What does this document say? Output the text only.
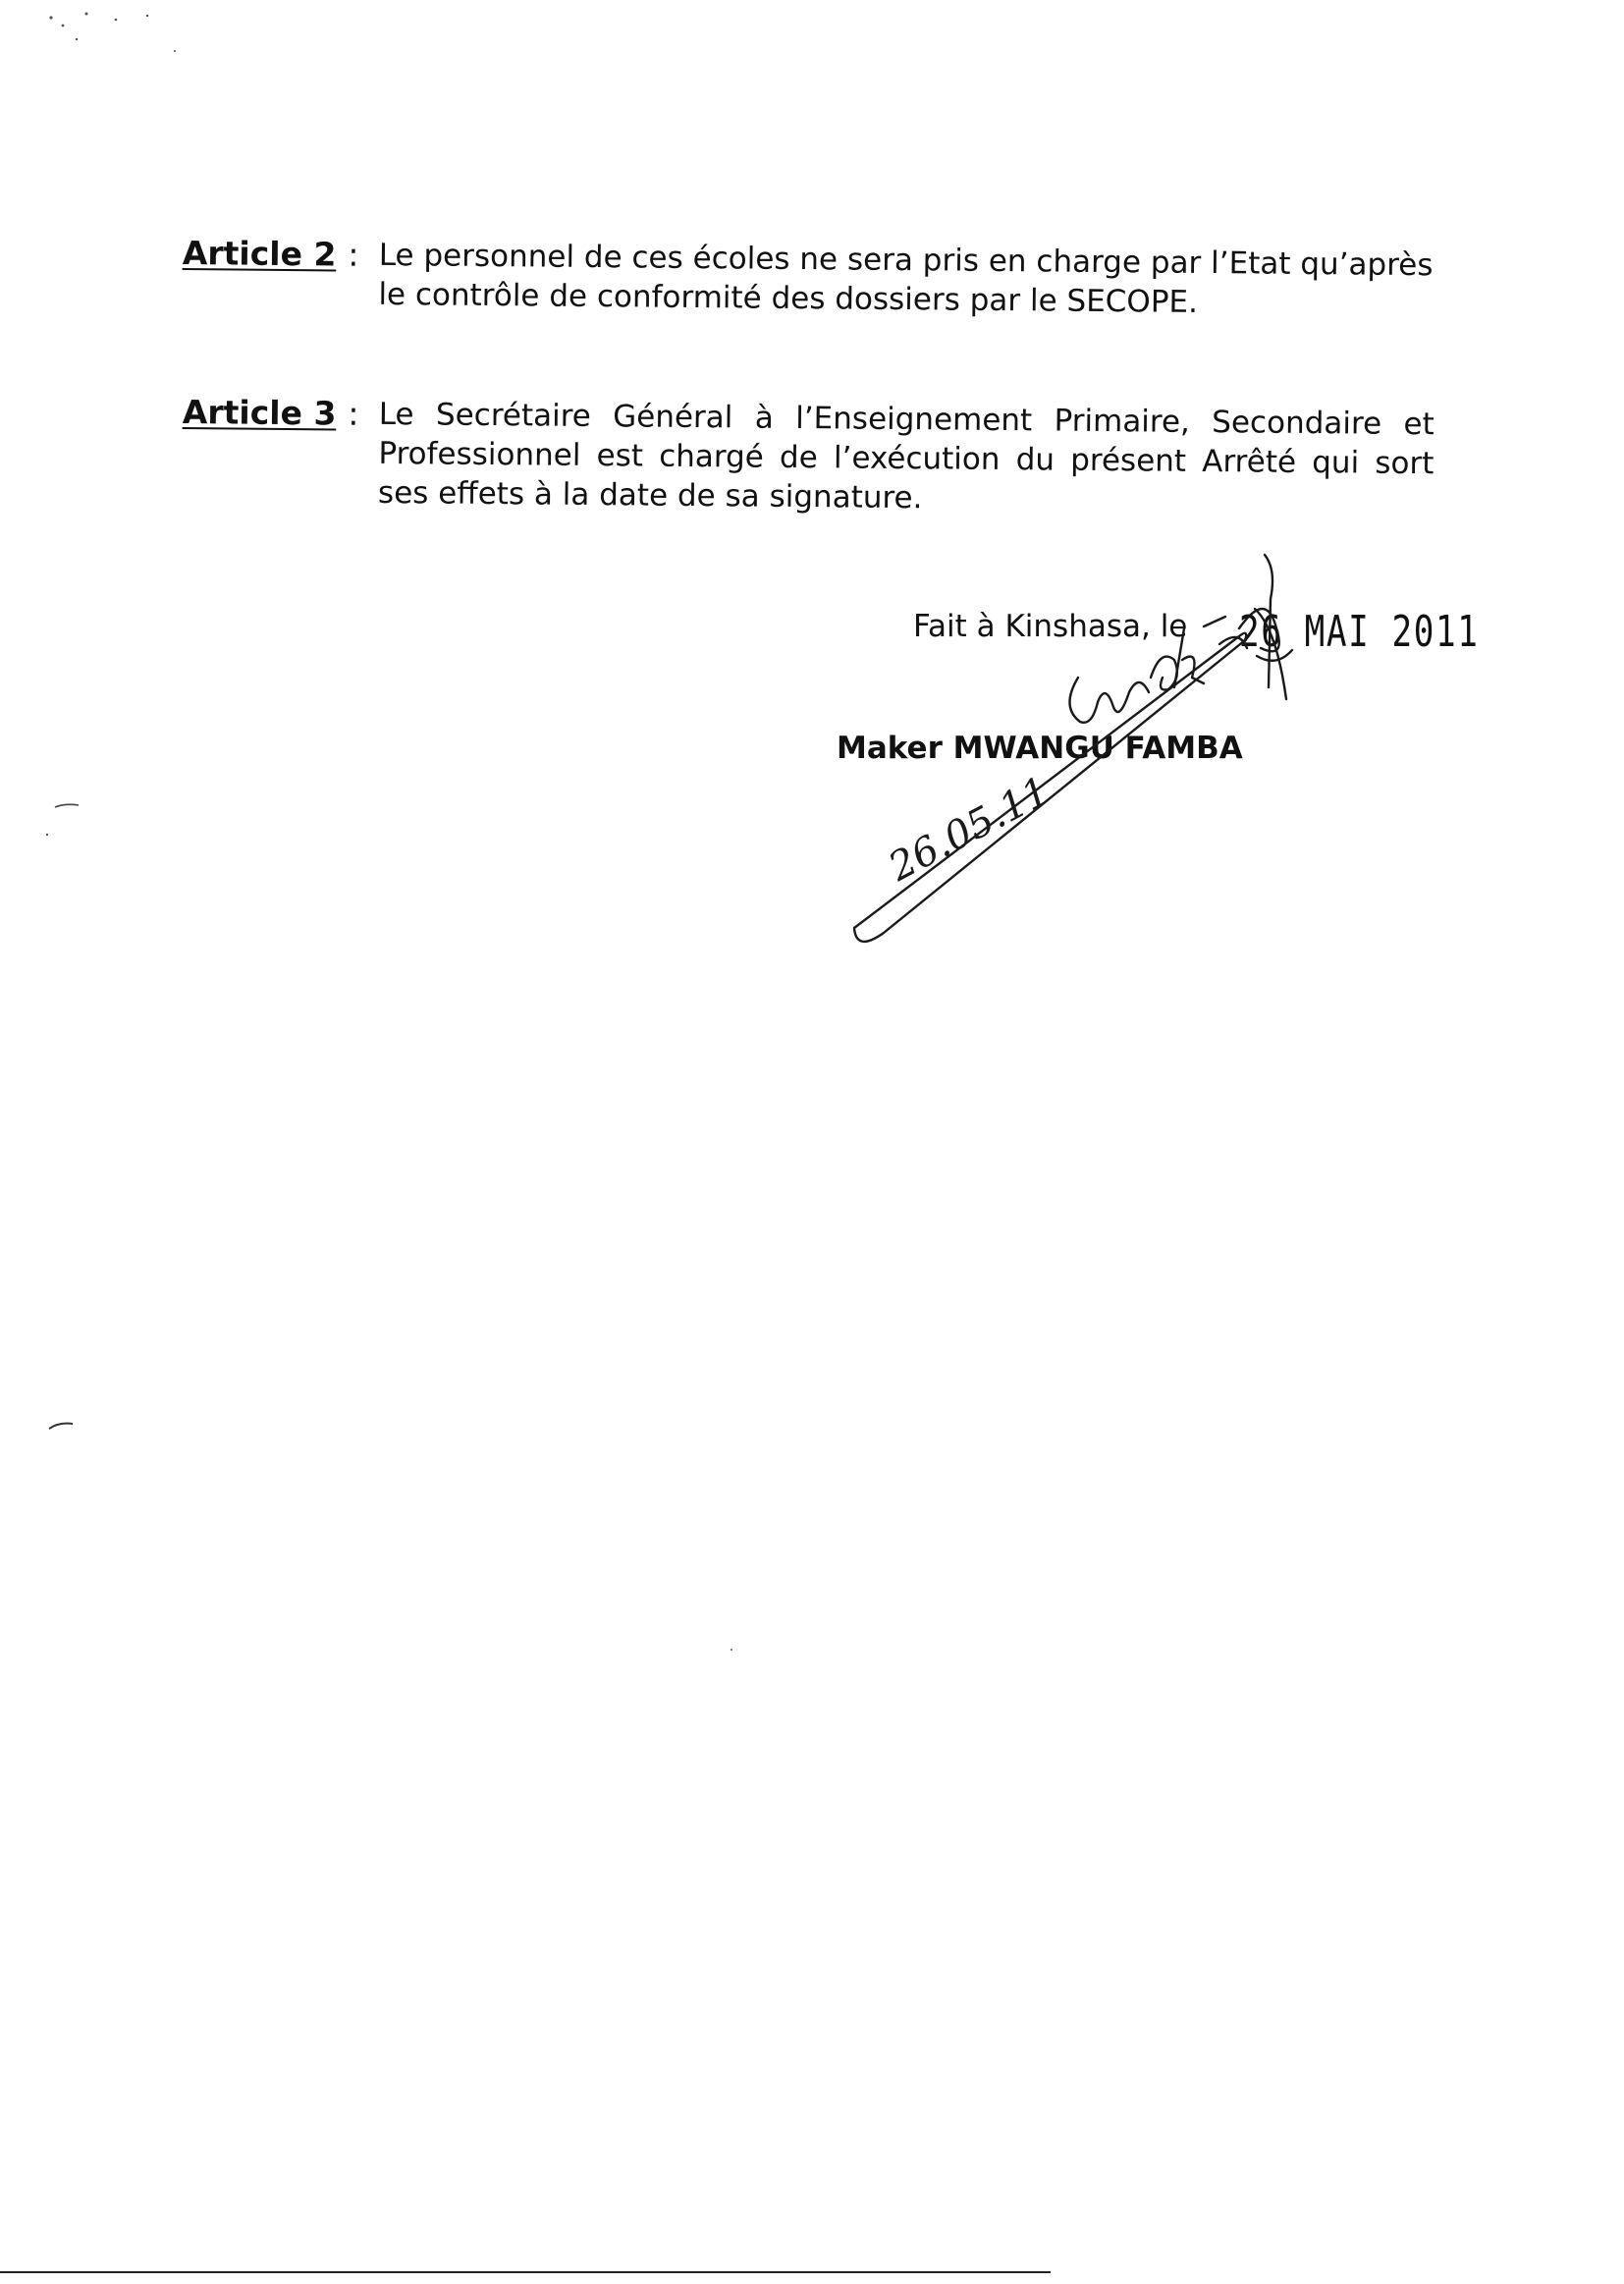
Article 2 : Le personnel de ces écoles ne sera pris en charge par l’Etat qu’après le contrôle de conformité des dossiers par le SECOPE.
Article 3 : Le Secrétaire Général à l’Enseignement Primaire, Secondaire et Professionnel est chargé de l’exécution du présent Arrêté qui sort ses effets à la date de sa signature.
Fait à Kinshasa, le 26 MAI 2011
Maker MWANGU FAMBA
26.05.11
